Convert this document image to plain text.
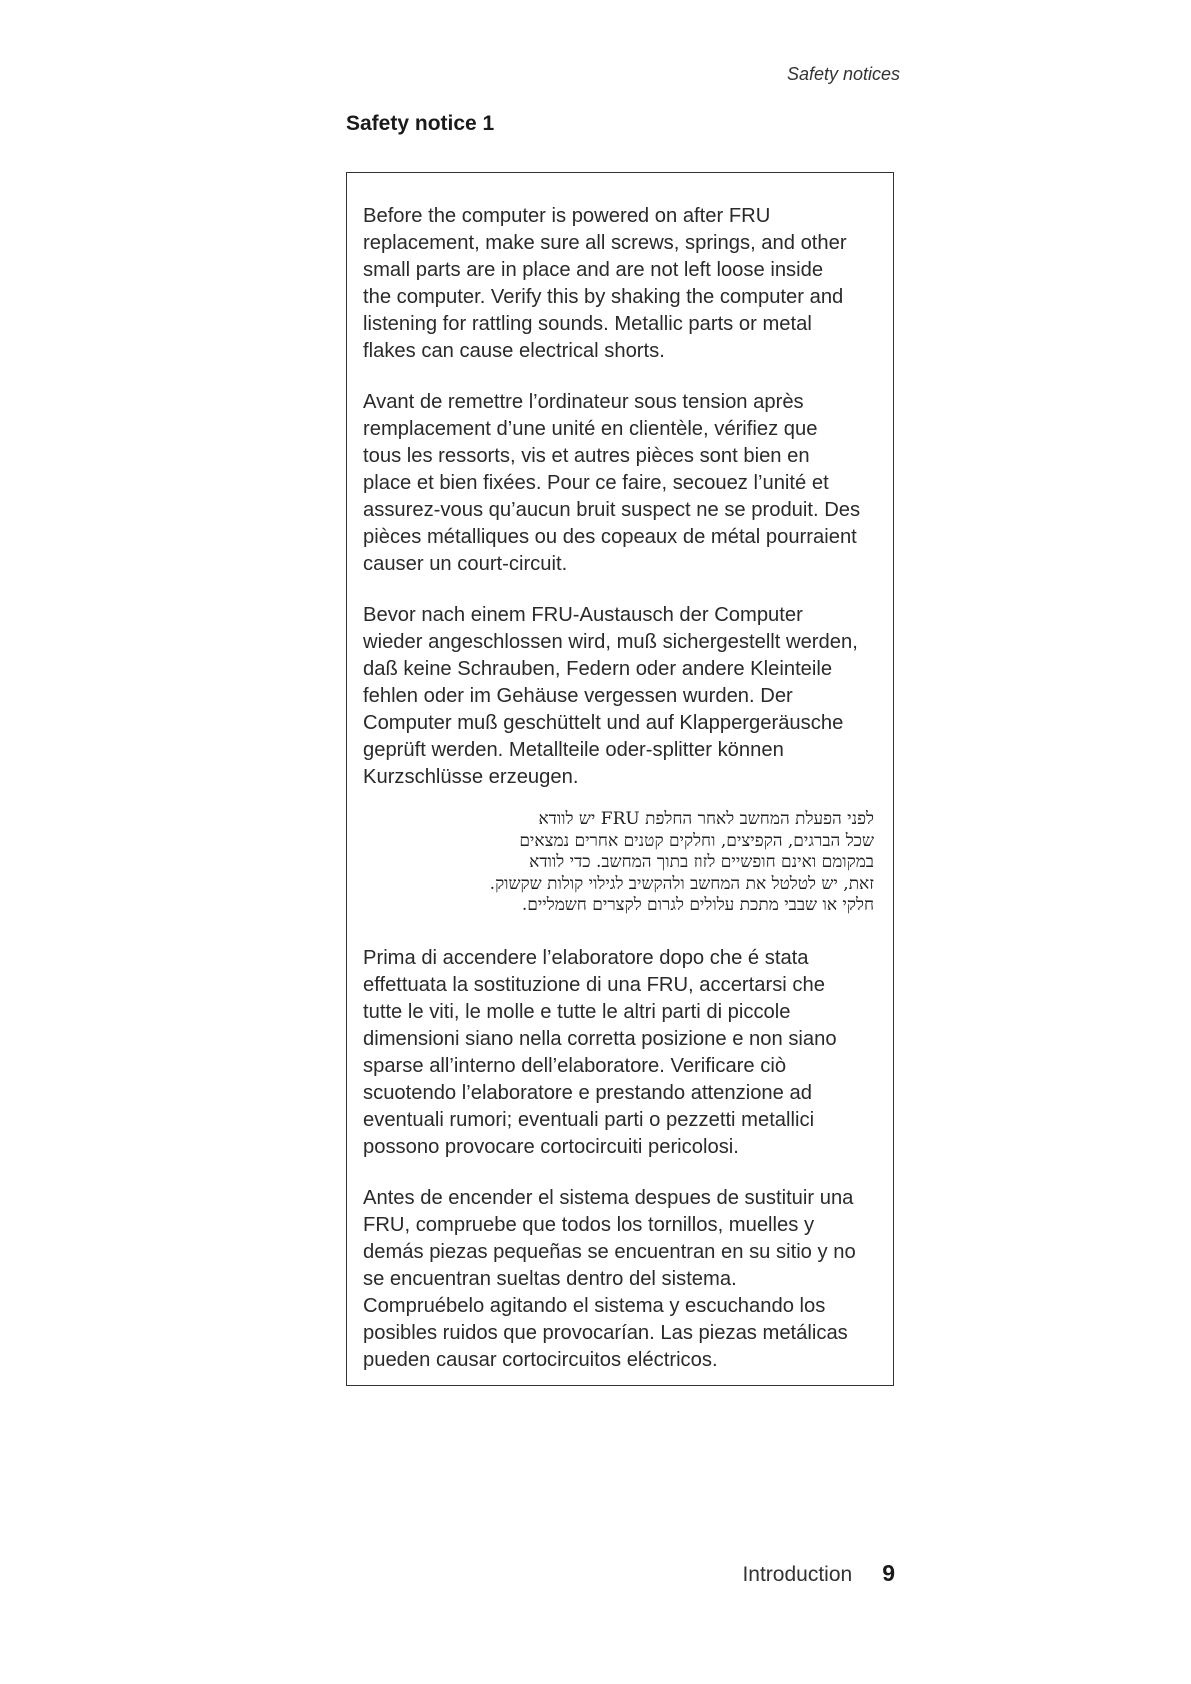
Safety notices
Safety notice 1

Before the computer is powered on after FRU
replacement, make sure all screws, springs, and other
small parts are in place and are not left loose inside
the computer. Verify this by shaking the computer and
listening for rattling sounds. Metallic parts or metal
flakes can cause electrical shorts.

Avant de remettre l’ordinateur sous tension après
remplacement d’une unité en clientèle, vérifiez que
tous les ressorts, vis et autres pièces sont bien en
place et bien fixées. Pour ce faire, secouez l’unité et
assurez-vous qu’aucun bruit suspect ne se produit. Des
pièces métalliques ou des copeaux de métal pourraient
causer un court-circuit.

Bevor nach einem FRU-Austausch der Computer
wieder angeschlossen wird, muß sichergestellt werden,
daß keine Schrauben, Federn oder andere Kleinteile
fehlen oder im Gehäuse vergessen wurden. Der
Computer muß geschüttelt und auf Klappergeräusche
geprüft werden. Metallteile oder-splitter können
Kurzschlüsse erzeugen.

לפני הפעלת המחשב לאחר החלפת FRU יש לוודא
שכל הברגים, הקפיצים, וחלקים קטנים אחרים נמצאים
במקומם ואינם חופשיים לזוז בתוך המחשב. כדי לוודא
זאת, יש לטלטל את המחשב ולהקשיב לגילוי קולות שקשוק.
חלקי או שבבי מתכת עלולים לגרום לקצרים חשמליים.

Prima di accendere l’elaboratore dopo che é stata
effettuata la sostituzione di una FRU, accertarsi che
tutte le viti, le molle e tutte le altri parti di piccole
dimensioni siano nella corretta posizione e non siano
sparse all’interno dell’elaboratore. Verificare ciò
scuotendo l’elaboratore e prestando attenzione ad
eventuali rumori; eventuali parti o pezzetti metallici
possono provocare cortocircuiti pericolosi.

Antes de encender el sistema despues de sustituir una
FRU, compruebe que todos los tornillos, muelles y
demás piezas pequeñas se encuentran en su sitio y no
se encuentran sueltas dentro del sistema.
Compruébelo agitando el sistema y escuchando los
posibles ruidos que provocarían. Las piezas metálicas
pueden causar cortocircuitos eléctricos.

Introduction 9
